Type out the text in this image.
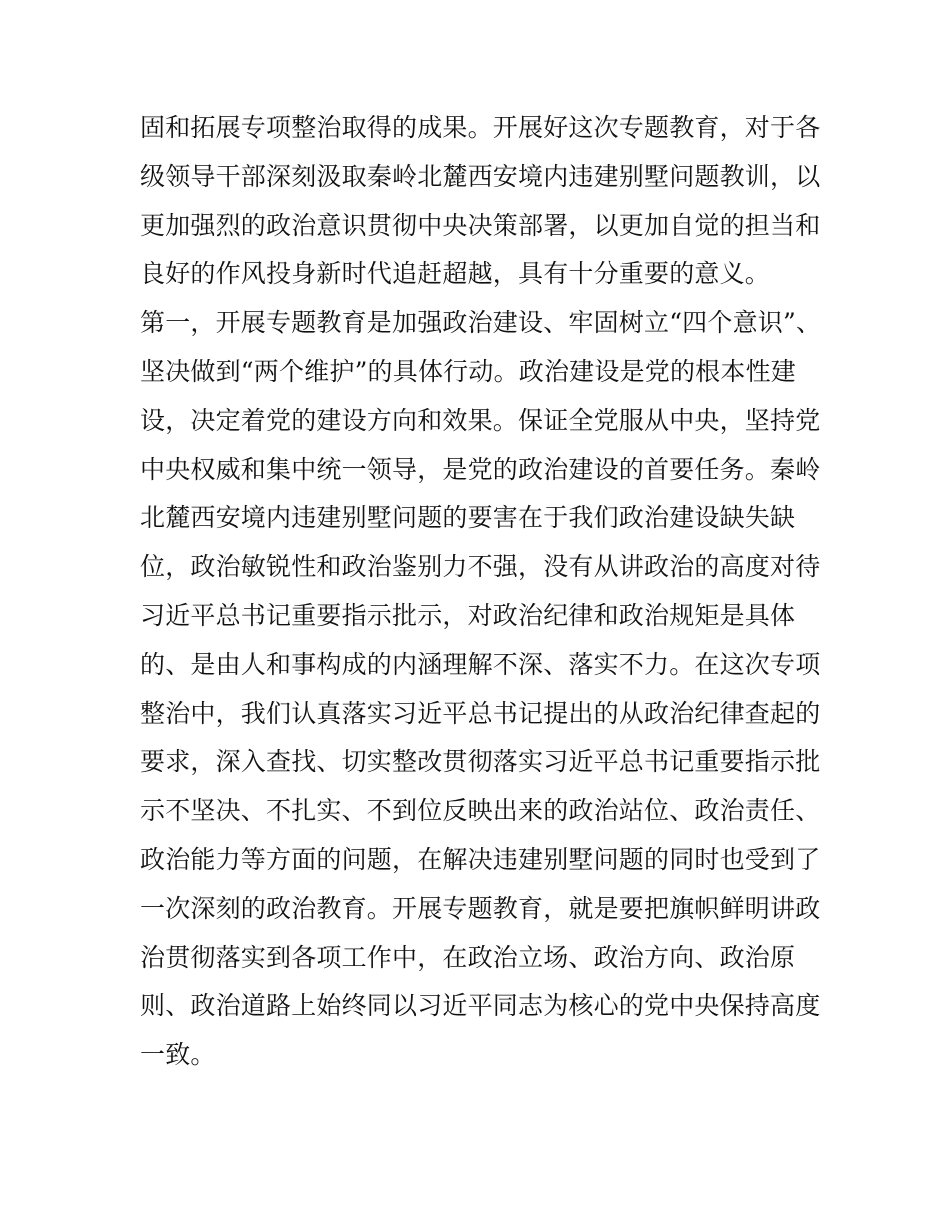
固和拓展专项整治取得的成果。开展好这次专题教育，对于各
级领导干部深刻汲取秦岭北麓西安境内违建别墅问题教训，以
更加强烈的政治意识贯彻中央决策部署，以更加自觉的担当和
良好的作风投身新时代追赶超越，具有十分重要的意义。
第一，开展专题教育是加强政治建设、牢固树立“四个意识”、
坚决做到“两个维护”的具体行动。政治建设是党的根本性建
设，决定着党的建设方向和效果。保证全党服从中央，坚持党
中央权威和集中统一领导，是党的政治建设的首要任务。秦岭
北麓西安境内违建别墅问题的要害在于我们政治建设缺失缺
位，政治敏锐性和政治鉴别力不强，没有从讲政治的高度对待
习近平总书记重要指示批示，对政治纪律和政治规矩是具体
的、是由人和事构成的内涵理解不深、落实不力。在这次专项
整治中，我们认真落实习近平总书记提出的从政治纪律查起的
要求，深入查找、切实整改贯彻落实习近平总书记重要指示批
示不坚决、不扎实、不到位反映出来的政治站位、政治责任、
政治能力等方面的问题，在解决违建别墅问题的同时也受到了
一次深刻的政治教育。开展专题教育，就是要把旗帜鲜明讲政
治贯彻落实到各项工作中，在政治立场、政治方向、政治原
则、政治道路上始终同以习近平同志为核心的党中央保持高度
一致。
